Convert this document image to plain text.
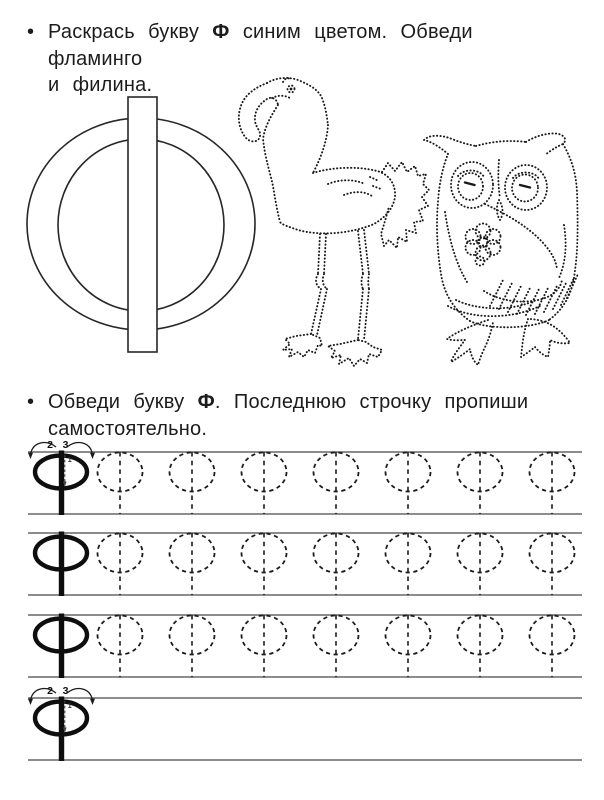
• Раскрась букву Ф синим цветом. Обведи фламинго
и филина.

• Обведи букву Ф. Последнюю строчку пропиши
самостоятельно.

2 3
1
2 3
1
